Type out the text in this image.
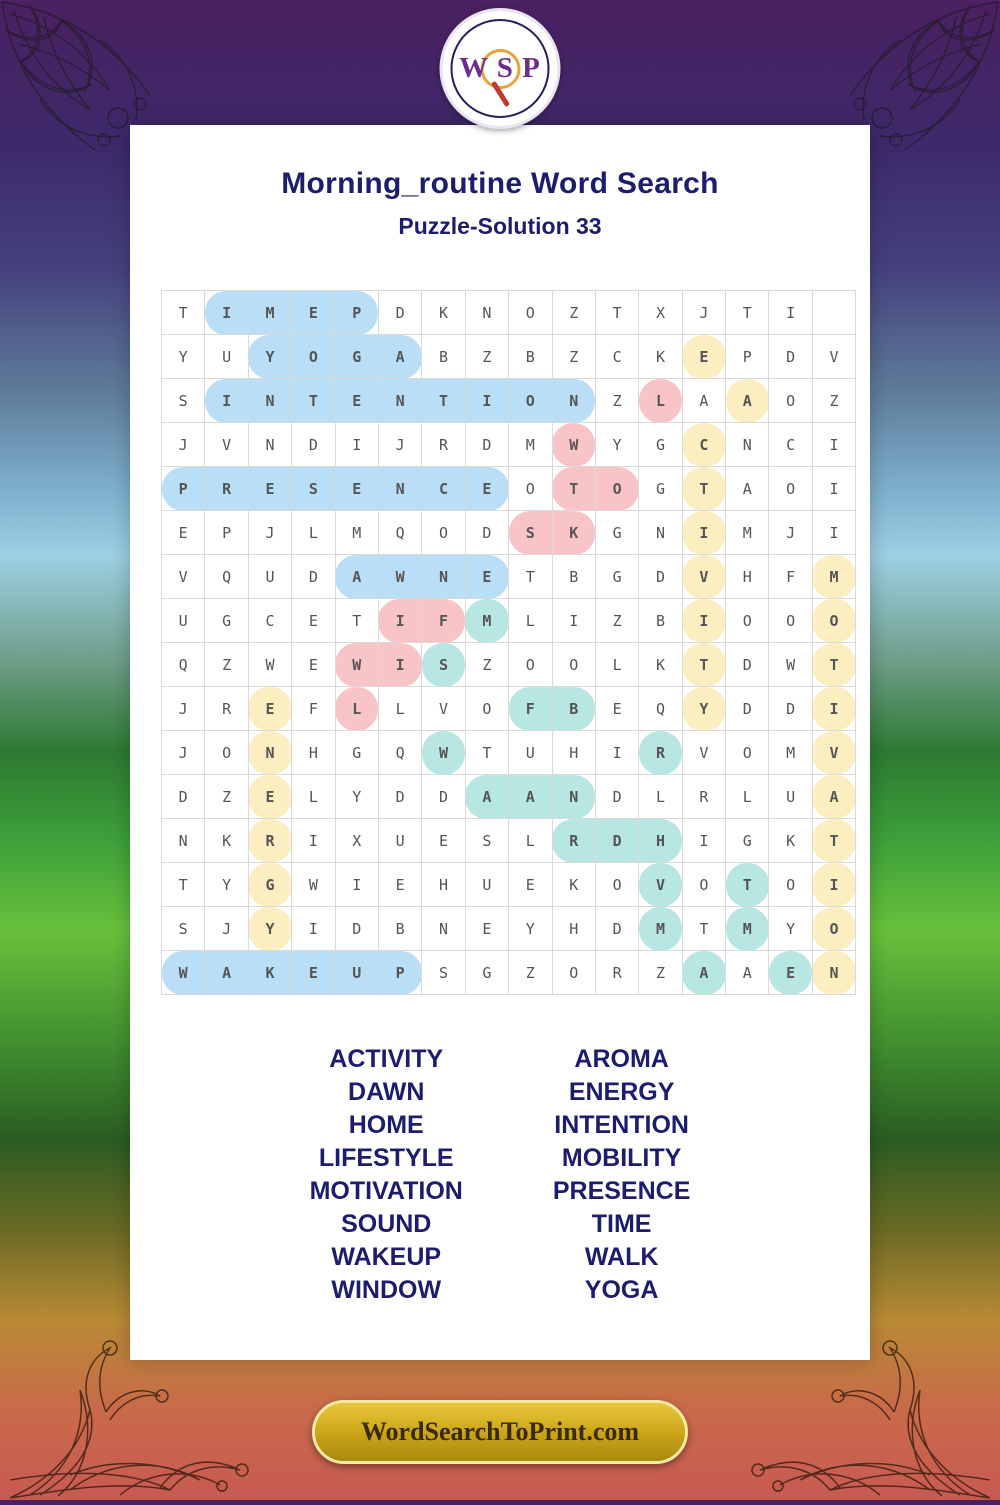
W S P
Morning_routine Word Search
Puzzle-Solution 33
T	I	M	E	P	D	K	N	O	Z	T	X	J	T	I	
Y	U	Y	O	G	A	B	Z	B	Z	C	K	E	P	D	V
S	I	N	T	E	N	T	I	O	N	Z	L	A	A	O	Z
J	V	N	D	I	J	R	D	M	W	Y	G	C	N	C	I
P	R	E	S	E	N	C	E	O	T	O	G	T	A	O	I
E	P	J	L	M	Q	O	D	S	K	G	N	I	M	J	I
V	Q	U	D	A	W	N	E	T	B	G	D	V	H	F	M
U	G	C	E	T	I	F	M	L	I	Z	B	I	O	O	O
Q	Z	W	E	W	I	S	Z	O	O	L	K	T	D	W	T
J	R	E	F	L	L	V	O	F	B	E	Q	Y	D	D	I
J	O	N	H	G	Q	W	T	U	H	I	R	V	O	M	V
D	Z	E	L	Y	D	D	A	A	N	D	L	R	L	U	A
N	K	R	I	X	U	E	S	L	R	D	H	I	G	K	T
T	Y	G	W	I	E	H	U	E	K	O	V	O	T	O	I
S	J	Y	I	D	B	N	E	Y	H	D	M	T	M	Y	O
W	A	K	E	U	P	S	G	Z	O	R	Z	A	A	E	N
ACTIVITY
DAWN
HOME
LIFESTYLE
MOTIVATION
SOUND
WAKEUP
WINDOW
AROMA
ENERGY
INTENTION
MOBILITY
PRESENCE
TIME
WALK
YOGA
WordSearchToPrint.com
